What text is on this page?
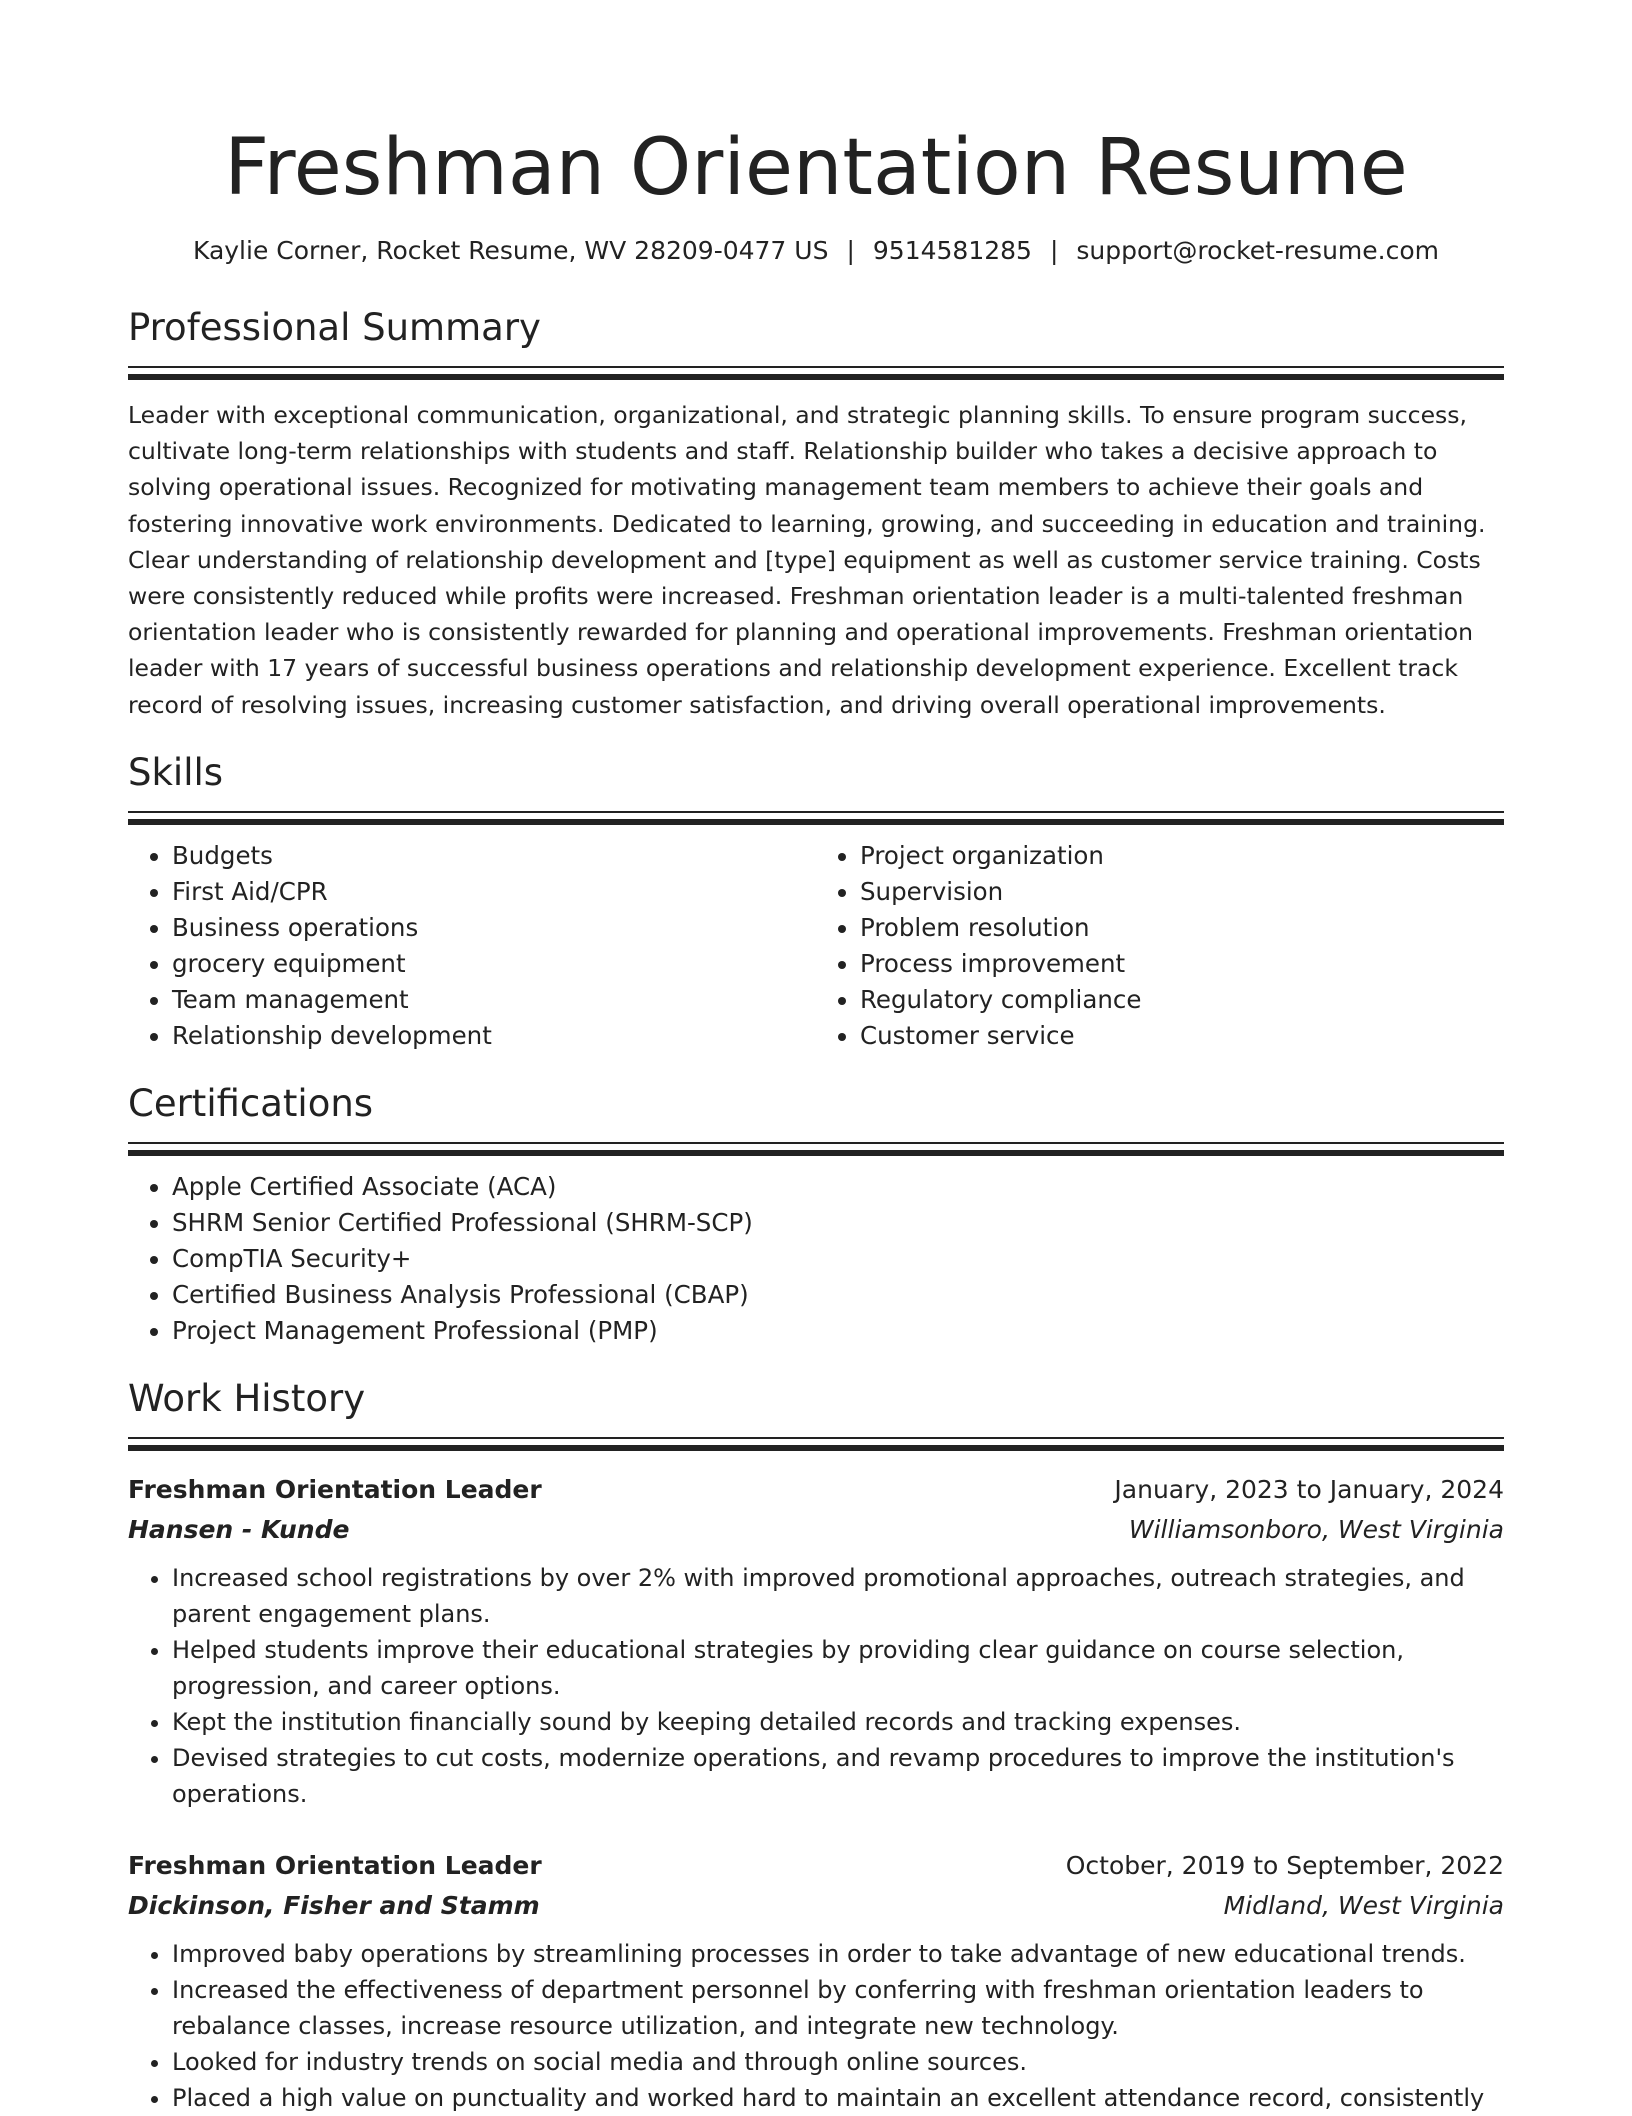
Freshman Orientation Resume
Kaylie Corner, Rocket Resume, WV 28209-0477 US | 9514581285 | support@rocket-resume.com
Professional Summary

Leader with exceptional communication, organizational, and strategic planning skills. To ensure program success, cultivate long-term relationships with students and staff. Relationship builder who takes a decisive approach to solving operational issues. Recognized for motivating management team members to achieve their goals and fostering innovative work environments. Dedicated to learning, growing, and succeeding in education and training. Clear understanding of relationship development and [type] equipment as well as customer service training. Costs were consistently reduced while profits were increased. Freshman orientation leader is a multi-talented freshman orientation leader who is consistently rewarded for planning and operational improvements. Freshman orientation leader with 17 years of successful business operations and relationship development experience. Excellent track record of resolving issues, increasing customer satisfaction, and driving overall operational improvements.

Skills
• Budgets
• First Aid/CPR
• Business operations
• grocery equipment
• Team management
• Relationship development
• Project organization
• Supervision
• Problem resolution
• Process improvement
• Regulatory compliance
• Customer service
Certifications
• Apple Certified Associate (ACA)
• SHRM Senior Certified Professional (SHRM-SCP)
• CompTIA Security+
• Certified Business Analysis Professional (CBAP)
• Project Management Professional (PMP)
Work History
Freshman Orientation Leader	January, 2023 to January, 2024
Hansen - Kunde	Williamsonboro, West Virginia
• Increased school registrations by over 2% with improved promotional approaches, outreach strategies, and parent engagement plans.
• Helped students improve their educational strategies by providing clear guidance on course selection, progression, and career options.
• Kept the institution financially sound by keeping detailed records and tracking expenses.
• Devised strategies to cut costs, modernize operations, and revamp procedures to improve the institution's operations.
Freshman Orientation Leader	October, 2019 to September, 2022
Dickinson, Fisher and Stamm	Midland, West Virginia
• Improved baby operations by streamlining processes in order to take advantage of new educational trends.
• Increased the effectiveness of department personnel by conferring with freshman orientation leaders to rebalance classes, increase resource utilization, and integrate new technology.
• Looked for industry trends on social media and through online sources.
• Placed a high value on punctuality and worked hard to maintain an excellent attendance record, consistently
